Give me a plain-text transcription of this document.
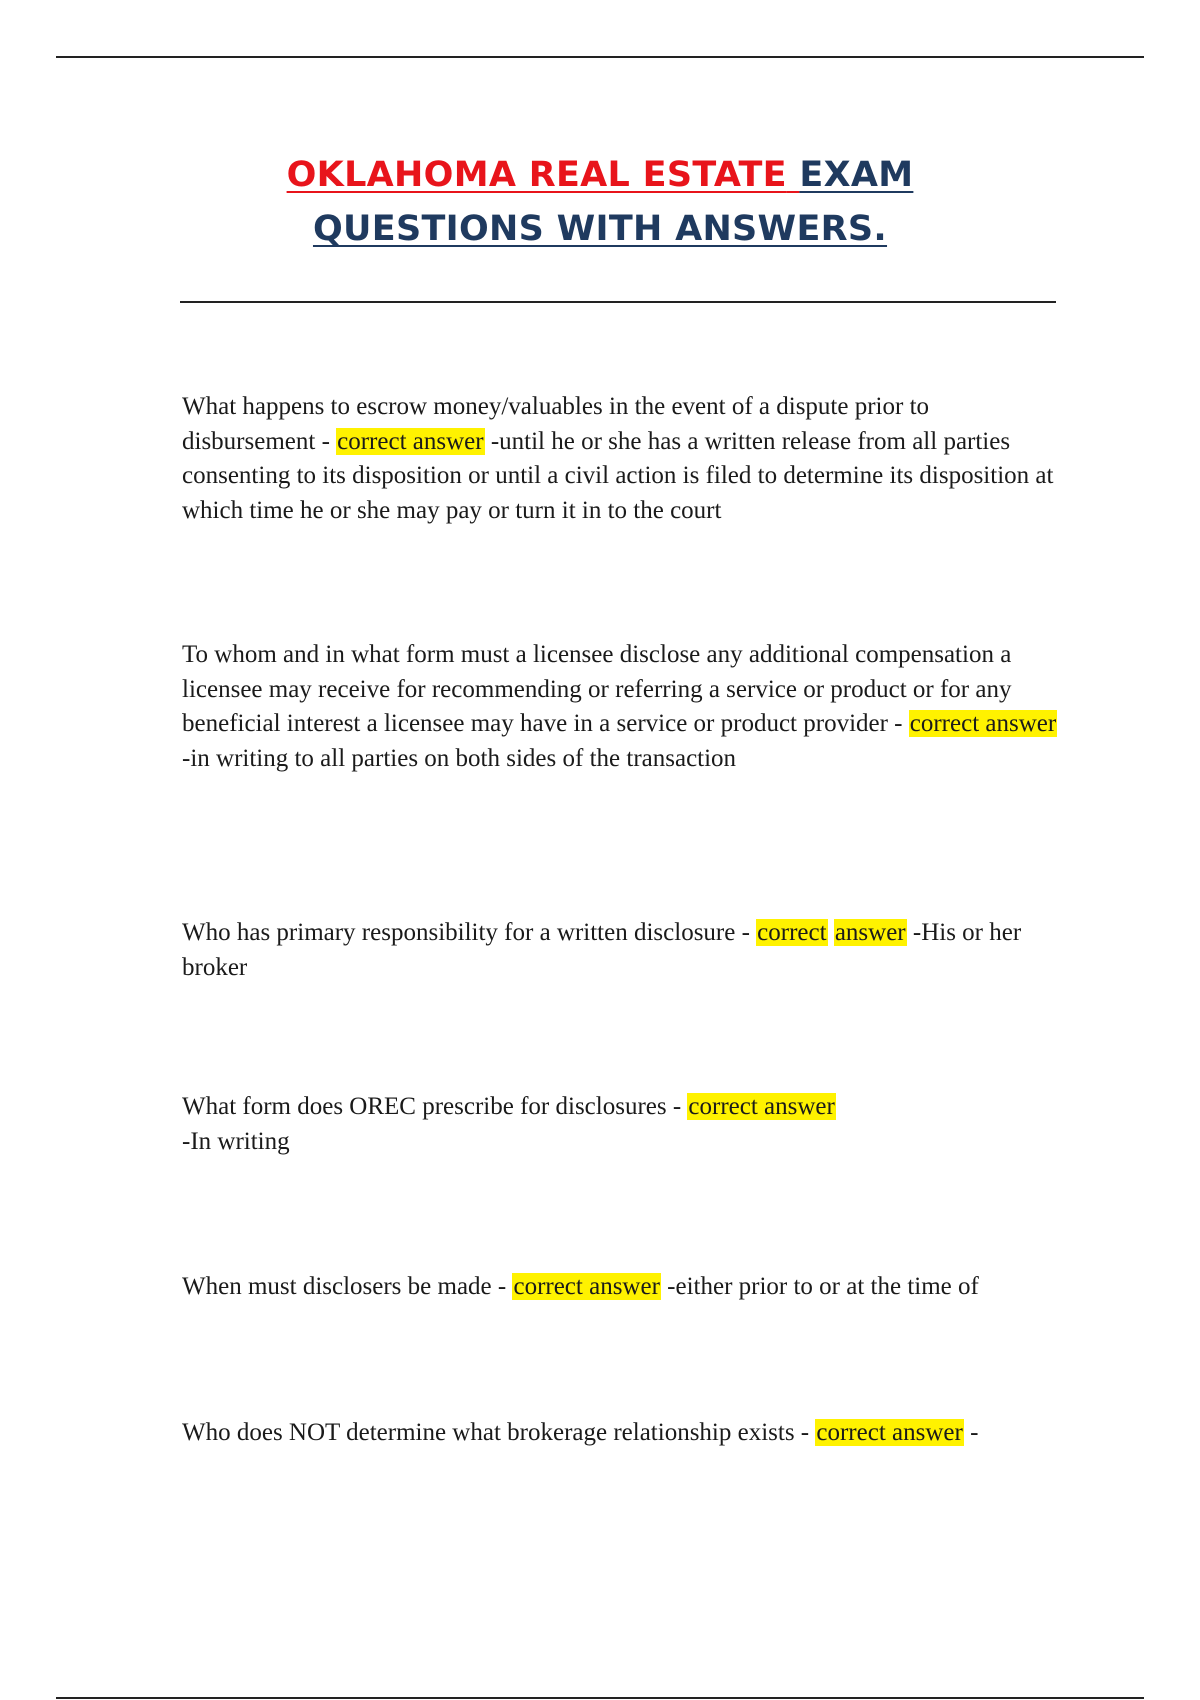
OKLAHOMA REAL ESTATE EXAM
QUESTIONS WITH ANSWERS.

What happens to escrow money/valuables in the event of a dispute prior to disbursement - correct answer -until he or she has a written release from all parties consenting to its disposition or until a civil action is filed to determine its disposition at which time he or she may pay or turn it in to the court

To whom and in what form must a licensee disclose any additional compensation a licensee may receive for recommending or referring a service or product or for any beneficial interest a licensee may have in a service or product provider - correct answer -in writing to all parties on both sides of the transaction

Who has primary responsibility for a written disclosure - correct answer -His or her broker

What form does OREC prescribe for disclosures - correct answer
-In writing

When must disclosers be made - correct answer -either prior to or at the time of

Who does NOT determine what brokerage relationship exists - correct answer -
